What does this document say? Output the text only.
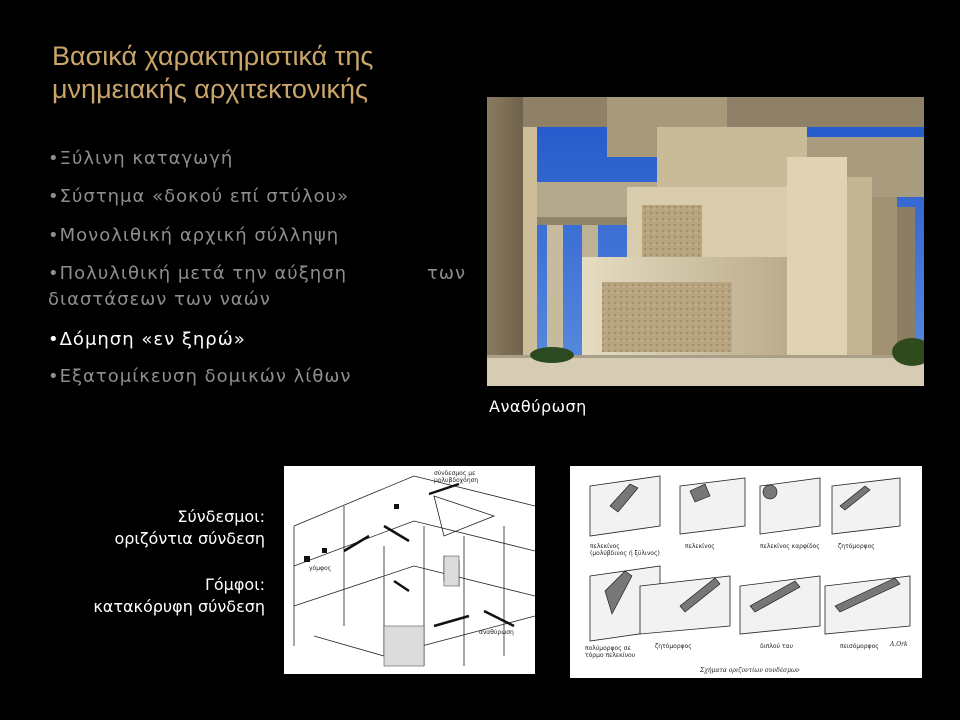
Βασικά χαρακτηριστικά της
μνημειακής αρχιτεκτονικής
•Ξύλινη καταγωγή
•Σύστημα «δοκού επί στύλου»
•Μονολιθική αρχική σύλληψη
•Πολυλιθική μετά την αύξηση	των
διαστάσεων των ναών
•Δόμηση «εν ξηρώ»
•Εξατομίκευση δομικών λίθων
Αναθύρωση
Σύνδεσμοι:
οριζόντια σύνδεση
Γόμφοι:
κατακόρυφη σύνδεση
σύνδεσμος με
μολυβδοχόηση
γόμφος
αναθύρωση
πελεκίνος
(μολύβδινος ή ξύλινος)
πελεκίνος	πελεκίνος καρφίδος	ζητόμορφος
πολύμορφος σε
τόρμο πελεκίνου
ζητόμορφος	διπλού ταυ	πεισόμορφος
Σχήματα οριζοντίων συνδέσμων
A.Ork
